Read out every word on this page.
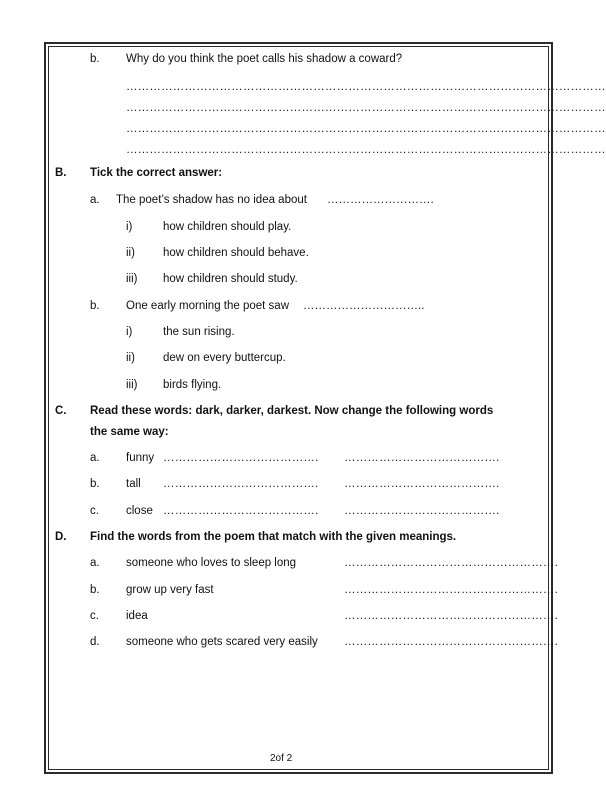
b. Why do you think the poet calls his shadow a coward?
……………………………………………………………………………………………………………
……………………………………………………………………………………………………………
……………………………………………………………………………………………………………
……………………………………………………………………………………………………………
B. Tick the correct answer:
a. The poet’s shadow has no idea about ……………………….
i)	how children should play.
ii) how children should behave.
iii) how children should study.
b. One early morning the poet saw …………………………..
i)	the sun rising.
ii) dew on every buttercup.
iii) birds flying.
C. Read these words: dark, darker, darkest. Now change the following words
the same way:
a. funny …………………………………. ………………………………….
b. tall …………………………………. ………………………………….
c. close …………………………………. ………………………………….
D. Find the words from the poem that match with the given meanings.
a. someone who loves to sleep long	……………………………………………….
b. grow up very fast	……………………………………………….
c. idea	……………………………………………….
d. someone who gets scared very easily ……………………………………………….
2of 2
